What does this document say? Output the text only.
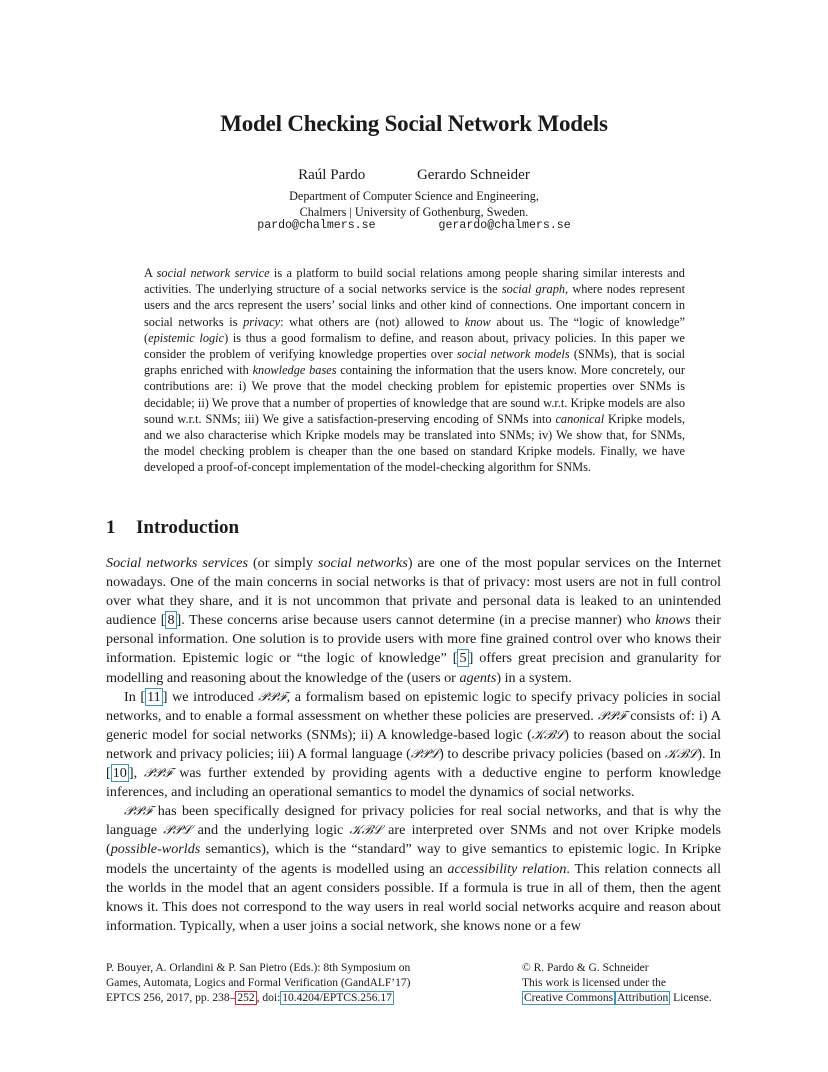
Model Checking Social Network Models
Raúl Pardo	Gerardo Schneider
Department of Computer Science and Engineering,
Chalmers | University of Gothenburg, Sweden.
pardo@chalmers.se	gerardo@chalmers.se

A social network service is a platform to build social relations among people sharing similar interests and activities. The underlying structure of a social networks service is the social graph, where nodes represent users and the arcs represent the users’ social links and other kind of connections. One important concern in social networks is privacy: what others are (not) allowed to know about us. The “logic of knowledge” (epistemic logic) is thus a good formalism to define, and reason about, privacy policies. In this paper we consider the problem of verifying knowledge properties over social network models (SNMs), that is social graphs enriched with knowledge bases containing the information that the users know. More concretely, our contributions are: i) We prove that the model checking problem for epistemic properties over SNMs is decidable; ii) We prove that a number of properties of knowledge that are sound w.r.t. Kripke models are also sound w.r.t. SNMs; iii) We give a satisfaction-preserving encoding of SNMs into canonical Kripke models, and we also characterise which Kripke models may be translated into SNMs; iv) We show that, for SNMs, the model checking problem is cheaper than the one based on standard Kripke models. Finally, we have developed a proof-of-concept implementation of the model-checking algorithm for SNMs.

1 Introduction

Social networks services (or simply social networks) are one of the most popular services on the Internet nowadays. One of the main concerns in social networks is that of privacy: most users are not in full control over what they share, and it is not uncommon that private and personal data is leaked to an unintended audience [ 8 ]. These concerns arise because users cannot determine (in a precise manner) who knows their personal information. One solution is to provide users with more fine grained control over who knows their information. Epistemic logic or “the logic of knowledge” [ 5 ] offers great precision and granularity for modelling and reasoning about the knowledge of the (users or agents) in a system.

In [ 11 ] we introduced 𝒫𝒫ℱ, a formalism based on epistemic logic to specify privacy policies in social networks, and to enable a formal assessment on whether these policies are preserved. 𝒫𝒫ℱ consists of: i) A generic model for social networks (SNMs); ii) A knowledge-based logic (𝒦ℬℒ) to reason about the social network and privacy policies; iii) A formal language (𝒫𝒫ℒ) to describe privacy policies (based on 𝒦ℬℒ). In [ 10 ], 𝒫𝒫ℱ was further extended by providing agents with a deductive engine to perform knowledge inferences, and including an operational semantics to model the dynamics of social networks.

𝒫𝒫ℱ has been specifically designed for privacy policies for real social networks, and that is why the language 𝒫𝒫ℒ and the underlying logic 𝒦ℬℒ are interpreted over SNMs and not over Kripke models (possible-worlds semantics), which is the “standard” way to give semantics to epistemic logic. In Kripke models the uncertainty of the agents is modelled using an accessibility relation. This relation connects all the worlds in the model that an agent considers possible. If a formula is true in all of them, then the agent knows it. This does not correspond to the way users in real world social networks acquire and reason about information. Typically, when a user joins a social network, she knows none or a few

P. Bouyer, A. Orlandini & P. San Pietro (Eds.): 8th Symposium on
Games, Automata, Logics and Formal Verification (GandALF’17)
EPTCS 256, 2017, pp. 238– 252 , doi: 10.4204/EPTCS.256.17
© R. Pardo & G. Schneider
This work is licensed under the
Creative Commons Attribution License.
